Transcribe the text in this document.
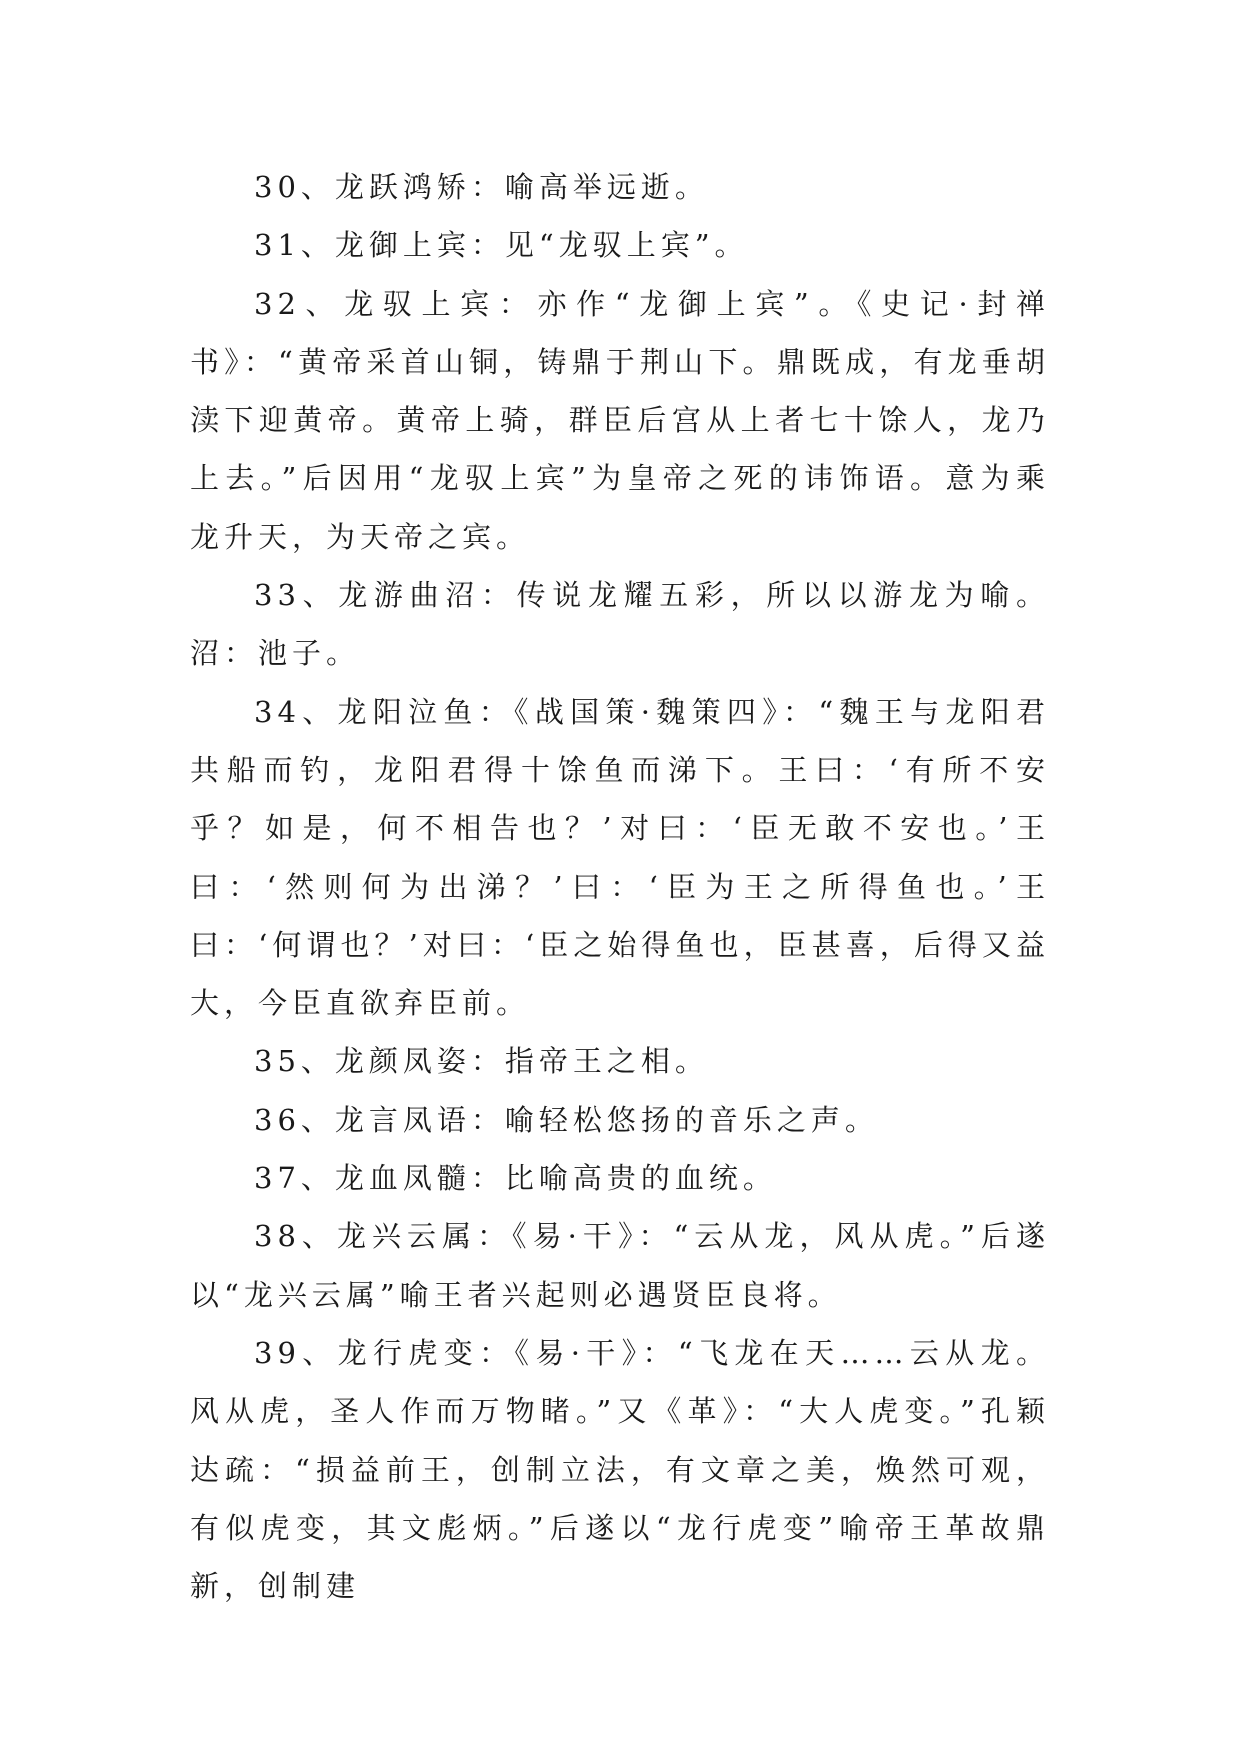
30、龙跃鸿矫：喻高举远逝。

31、龙御上宾：见“龙驭上宾”。

32、龙驭上宾：亦作“龙御上宾”。《史记·封禅书》：“黄帝采首山铜，铸鼎于荆山下。鼎既成，有龙垂胡渎下迎黄帝。黄帝上骑，群臣后宫从上者七十馀人，龙乃上去。”后因用“龙驭上宾”为皇帝之死的讳饰语。意为乘龙升天，为天帝之宾。

33、龙游曲沼：传说龙耀五彩，所以以游龙为喻。沼：池子。

34、龙阳泣鱼：《战国策·魏策四》：“魏王与龙阳君共船而钓，龙阳君得十馀鱼而涕下。王曰：‘有所不安乎？如是，何不相告也？’对曰：‘臣无敢不安也。’王曰：‘然则何为出涕？’曰：‘臣为王之所得鱼也。’王曰：‘何谓也？’对曰：‘臣之始得鱼也，臣甚喜，后得又益大，今臣直欲弃臣前。

35、龙颜凤姿：指帝王之相。

36、龙言凤语：喻轻松悠扬的音乐之声。

37、龙血凤髓：比喻高贵的血统。

38、龙兴云属：《易·干》：“云从龙，风从虎。”后遂以“龙兴云属”喻王者兴起则必遇贤臣良将。

39、龙行虎变：《易·干》：“飞龙在天……云从龙。风从虎，圣人作而万物睹。”又《革》：“大人虎变。”孔颖达疏：“损益前王，创制立法，有文章之美，焕然可观，有似虎变，其文彪炳。”后遂以“龙行虎变”喻帝王革故鼎新，创制建
